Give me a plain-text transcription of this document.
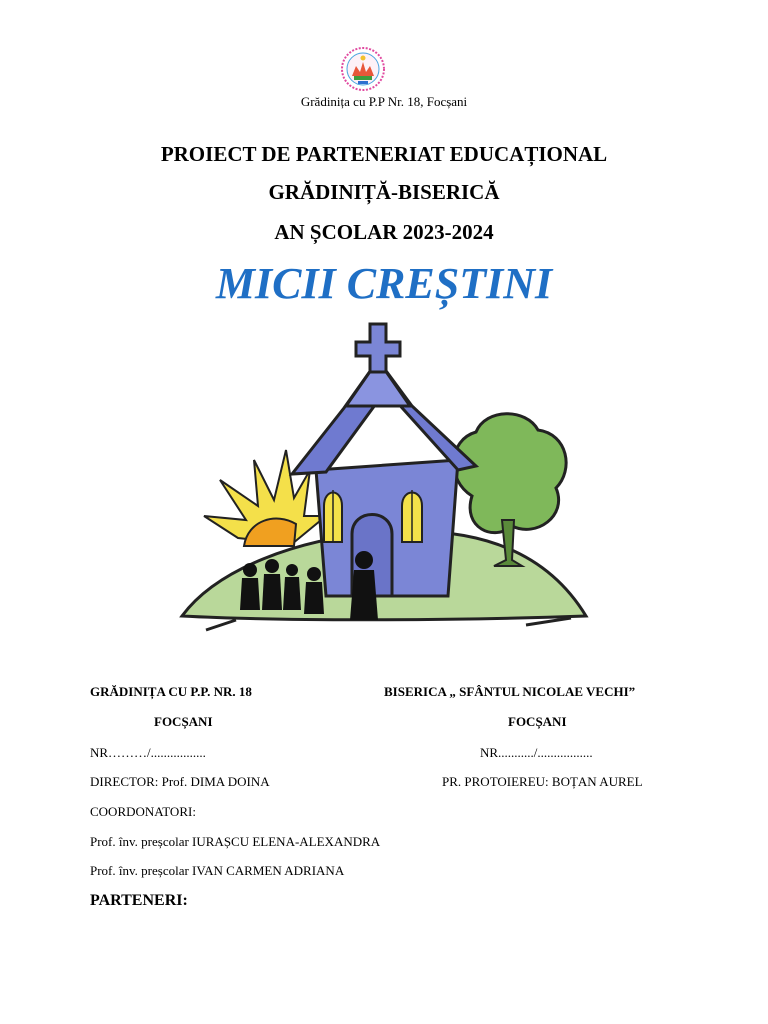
Grădinița cu P.P Nr. 18, Focșani
PROIECT DE PARTENERIAT EDUCAȚIONAL
GRĂDINIȚĂ-BISERICĂ
AN ȘCOLAR 2023-2024
MICII CREȘTINI
GRĂDINIȚA CU P.P. NR. 18
FOCȘANI
NR………/.................
DIRECTOR: Prof. DIMA DOINA
BISERICA „ SFÂNTUL NICOLAE VECHI”
FOCȘANI
NR.........../.................
PR. PROTOIEREU: BOȚAN AUREL
COORDONATORI:
Prof. înv. preșcolar IURAȘCU ELENA-ALEXANDRA
Prof. înv. preșcolar IVAN CARMEN ADRIANA
PARTENERI:
